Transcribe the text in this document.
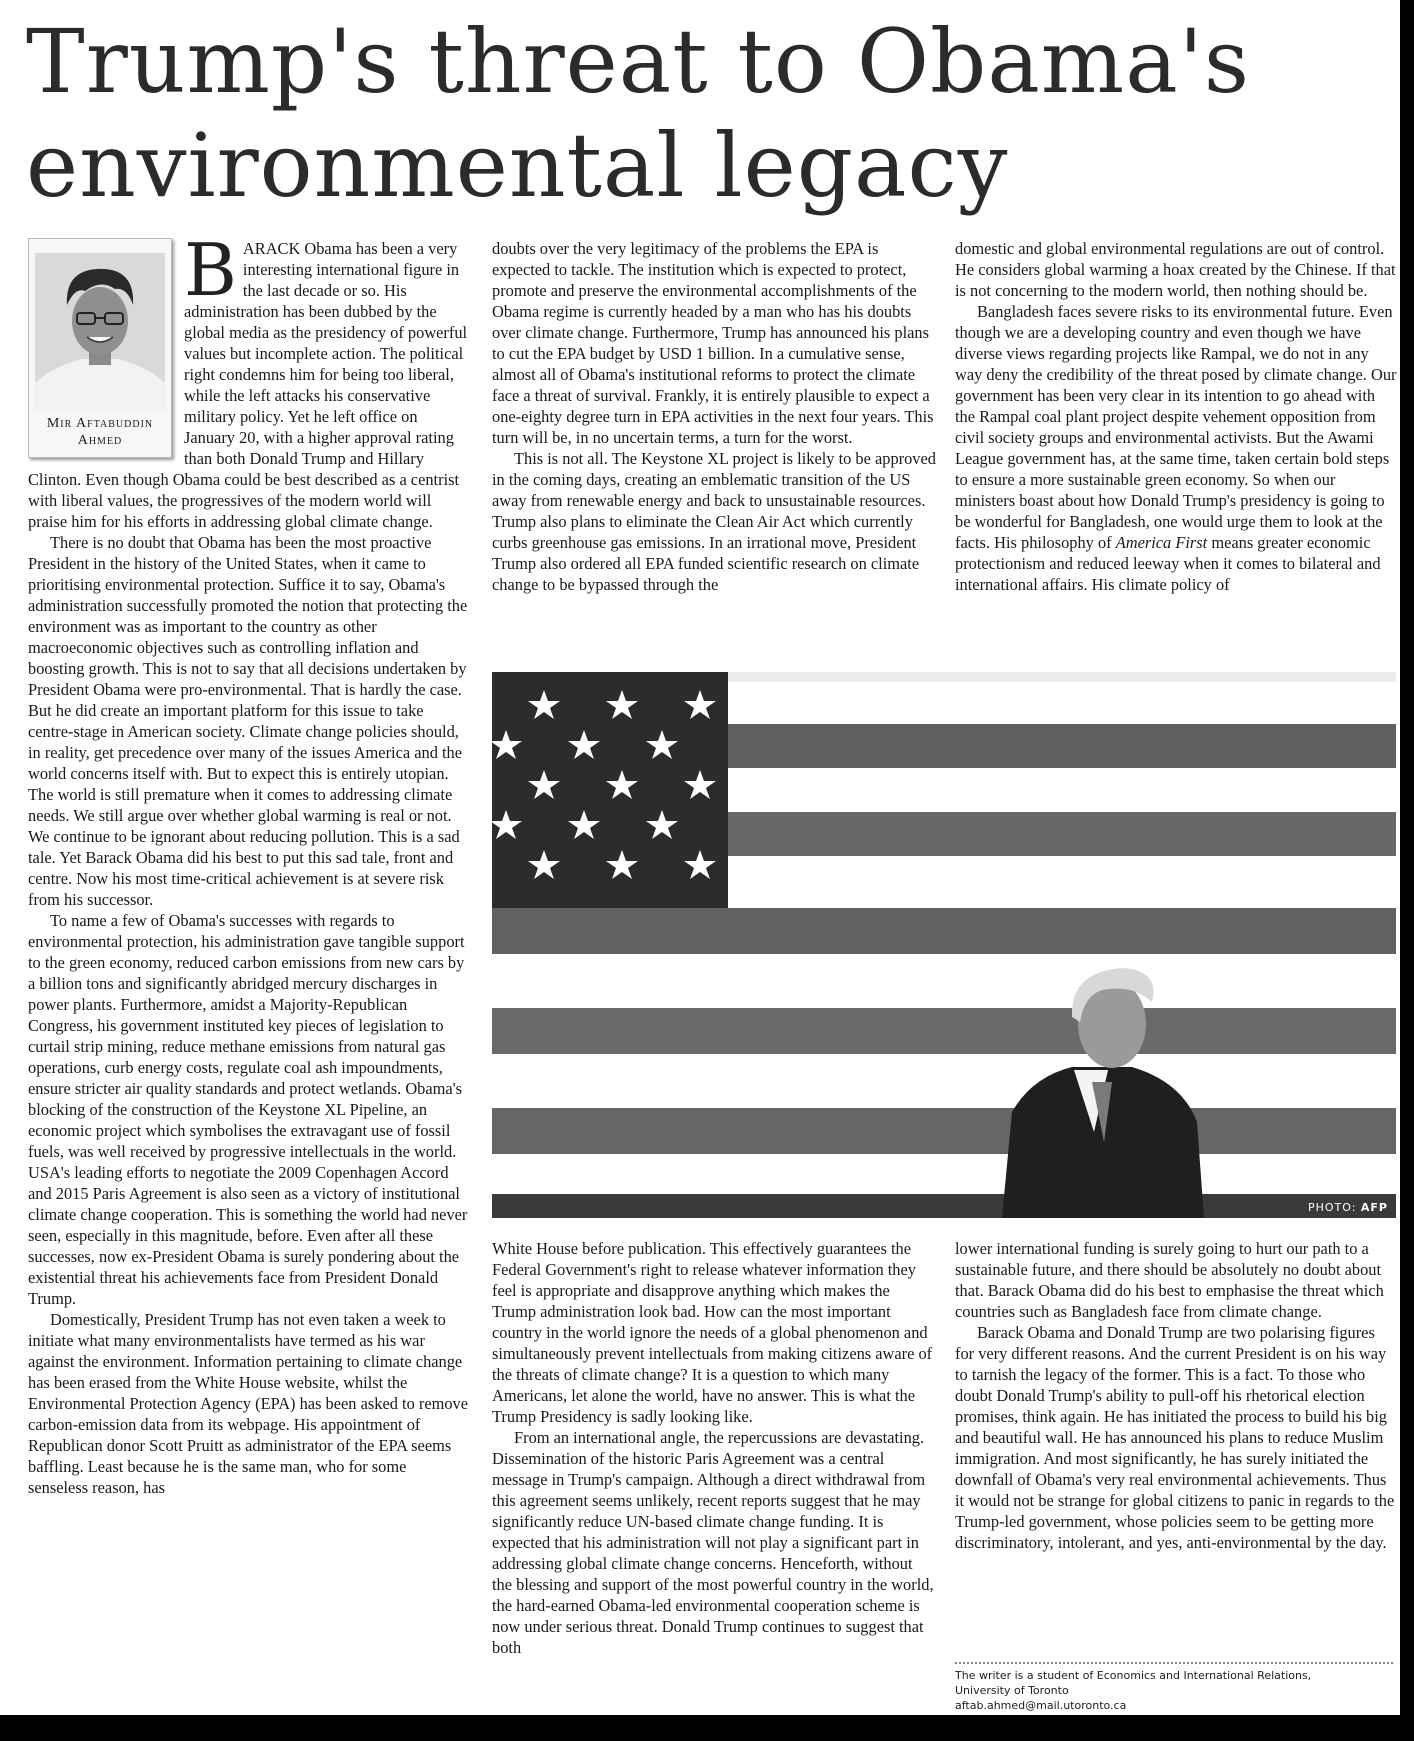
Trump's threat to Obama's environmental legacy
Mir Aftabuddin
Ahmed
B ARACK Obama has been a very interesting international figure in the last decade or so. His administration has been dubbed by the global media as the presidency of powerful values but incomplete action. The political right condemns him for being too liberal, while the left attacks his conservative military policy. Yet he left office on January 20, with a higher approval rating than both Donald Trump and Hillary Clinton. Even though Obama could be best described as a centrist with liberal values, the progressives of the modern world will praise him for his efforts in addressing global climate change.

There is no doubt that Obama has been the most proactive President in the history of the United States, when it came to prioritising environmental protection. Suffice it to say, Obama's administration successfully promoted the notion that protecting the environment was as important to the country as other macroeconomic objectives such as controlling inflation and boosting growth. This is not to say that all decisions undertaken by President Obama were pro-environmental. That is hardly the case. But he did create an important platform for this issue to take centre-stage in American society. Climate change policies should, in reality, get precedence over many of the issues America and the world concerns itself with. But to expect this is entirely utopian. The world is still premature when it comes to addressing climate needs. We still argue over whether global warming is real or not. We continue to be ignorant about reducing pollution. This is a sad tale. Yet Barack Obama did his best to put this sad tale, front and centre. Now his most time-critical achievement is at severe risk from his successor.

To name a few of Obama's successes with regards to environmental protection, his administration gave tangible support to the green economy, reduced carbon emissions from new cars by a billion tons and significantly abridged mercury discharges in power plants. Furthermore, amidst a Majority-Republican Congress, his government instituted key pieces of legislation to curtail strip mining, reduce methane emissions from natural gas operations, curb energy costs, regulate coal ash impoundments, ensure stricter air quality standards and protect wetlands. Obama's blocking of the construction of the Keystone XL Pipeline, an economic project which symbolises the extravagant use of fossil fuels, was well received by progressive intellectuals in the world. USA's leading efforts to negotiate the 2009 Copenhagen Accord and 2015 Paris Agreement is also seen as a victory of institutional climate change cooperation. This is something the world had never seen, especially in this magnitude, before. Even after all these successes, now ex-President Obama is surely pondering about the existential threat his achievements face from President Donald Trump.

Domestically, President Trump has not even taken a week to initiate what many environmentalists have termed as his war against the environment. Information pertaining to climate change has been erased from the White House website, whilst the Environmental Protection Agency (EPA) has been asked to remove carbon-emission data from its webpage. His appointment of Republican donor Scott Pruitt as administrator of the EPA seems baffling. Least because he is the same man, who for some senseless reason, has

doubts over the very legitimacy of the problems the EPA is expected to tackle. The institution which is expected to protect, promote and preserve the environmental accomplishments of the Obama regime is currently headed by a man who has his doubts over climate change. Furthermore, Trump has announced his plans to cut the EPA budget by USD 1 billion. In a cumulative sense, almost all of Obama's institutional reforms to protect the climate face a threat of survival. Frankly, it is entirely plausible to expect a one-eighty degree turn in EPA activities in the next four years. This turn will be, in no uncertain terms, a turn for the worst.

This is not all. The Keystone XL project is likely to be approved in the coming days, creating an emblematic transition of the US away from renewable energy and back to unsustainable resources. Trump also plans to eliminate the Clean Air Act which currently curbs greenhouse gas emissions. In an irrational move, President Trump also ordered all EPA funded scientific research on climate change to be bypassed through the

domestic and global environmental regulations are out of control. He considers global warming a hoax created by the Chinese. If that is not concerning to the modern world, then nothing should be.

Bangladesh faces severe risks to its environmental future. Even though we are a developing country and even though we have diverse views regarding projects like Rampal, we do not in any way deny the credibility of the threat posed by climate change. Our government has been very clear in its intention to go ahead with the Rampal coal plant project despite vehement opposition from civil society groups and environmental activists. But the Awami League government has, at the same time, taken certain bold steps to ensure a more sustainable green economy. So when our ministers boast about how Donald Trump's presidency is going to be wonderful for Bangladesh, one would urge them to look at the facts. His philosophy of America First means greater economic protectionism and reduced leeway when it comes to bilateral and international affairs. His climate policy of

PHOTO: AFP

White House before publication. This effectively guarantees the Federal Government's right to release whatever information they feel is appropriate and disapprove anything which makes the Trump administration look bad. How can the most important country in the world ignore the needs of a global phenomenon and simultaneously prevent intellectuals from making citizens aware of the threats of climate change? It is a question to which many Americans, let alone the world, have no answer. This is what the Trump Presidency is sadly looking like.

From an international angle, the repercussions are devastating. Dissemination of the historic Paris Agreement was a central message in Trump's campaign. Although a direct withdrawal from this agreement seems unlikely, recent reports suggest that he may significantly reduce UN-based climate change funding. It is expected that his administration will not play a significant part in addressing global climate change concerns. Henceforth, without the blessing and support of the most powerful country in the world, the hard-earned Obama-led environmental cooperation scheme is now under serious threat. Donald Trump continues to suggest that both

lower international funding is surely going to hurt our path to a sustainable future, and there should be absolutely no doubt about that. Barack Obama did do his best to emphasise the threat which countries such as Bangladesh face from climate change.

Barack Obama and Donald Trump are two polarising figures for very different reasons. And the current President is on his way to tarnish the legacy of the former. This is a fact. To those who doubt Donald Trump's ability to pull-off his rhetorical election promises, think again. He has initiated the process to build his big and beautiful wall. He has announced his plans to reduce Muslim immigration. And most significantly, he has surely initiated the downfall of Obama's very real environmental achievements. Thus it would not be strange for global citizens to panic in regards to the Trump-led government, whose policies seem to be getting more discriminatory, intolerant, and yes, anti-environmental by the day.

The writer is a student of Economics and International Relations,
University of Toronto
aftab.ahmed@mail.utoronto.ca
